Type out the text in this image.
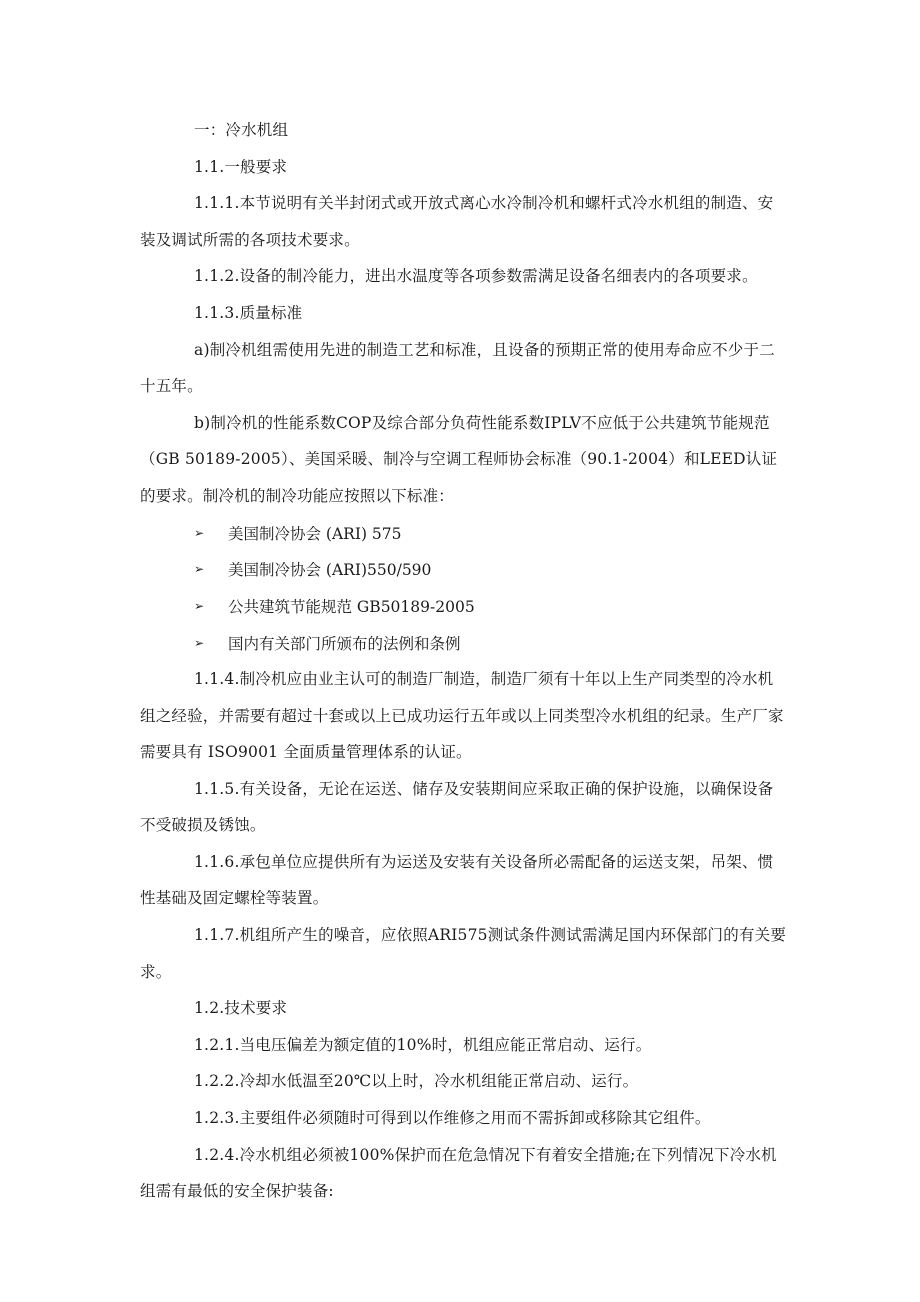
一：冷水机组

1.1.一般要求

1.1.1.本节说明有关半封闭式或开放式离心水冷制冷机和螺杆式冷水机组的制造、安装及调试所需的各项技术要求。

1.1.2.设备的制冷能力，进出水温度等各项参数需满足设备名细表内的各项要求。

1.1.3.质量标准

a)制冷机组需使用先进的制造工艺和标准，且设备的预期正常的使用寿命应不少于二十五年。

b)制冷机的性能系数COP及综合部分负荷性能系数IPLV不应低于公共建筑节能规范（GB 50189-2005）、美国采暖、制冷与空调工程师协会标准（90.1-2004）和LEED认证的要求。制冷机的制冷功能应按照以下标准：

➢	美国制冷协会 (ARI) 575
➢	美国制冷协会 (ARI)550/590
➢	公共建筑节能规范 GB50189-2005
➢	国内有关部门所颁布的法例和条例

1.1.4.制冷机应由业主认可的制造厂制造，制造厂须有十年以上生产同类型的冷水机组之经验，并需要有超过十套或以上已成功运行五年或以上同类型冷水机组的纪录。生产厂家需要具有 ISO9001 全面质量管理体系的认证。

1.1.5.有关设备，无论在运送、储存及安装期间应采取正确的保护设施，以确保设备不受破损及锈蚀。

1.1.6.承包单位应提供所有为运送及安装有关设备所必需配备的运送支架，吊架、惯性基础及固定螺栓等装置。

1.1.7.机组所产生的噪音，应依照ARI575测试条件测试需满足国内环保部门的有关要求。

1.2.技术要求

1.2.1.当电压偏差为额定值的10%时，机组应能正常启动、运行。

1.2.2.冷却水低温至20℃以上时，冷水机组能正常启动、运行。

1.2.3.主要组件必须随时可得到以作维修之用而不需拆卸或移除其它组件。

1.2.4.冷水机组必须被100%保护而在危急情况下有着安全措施;在下列情况下冷水机组需有最低的安全保护装备:
